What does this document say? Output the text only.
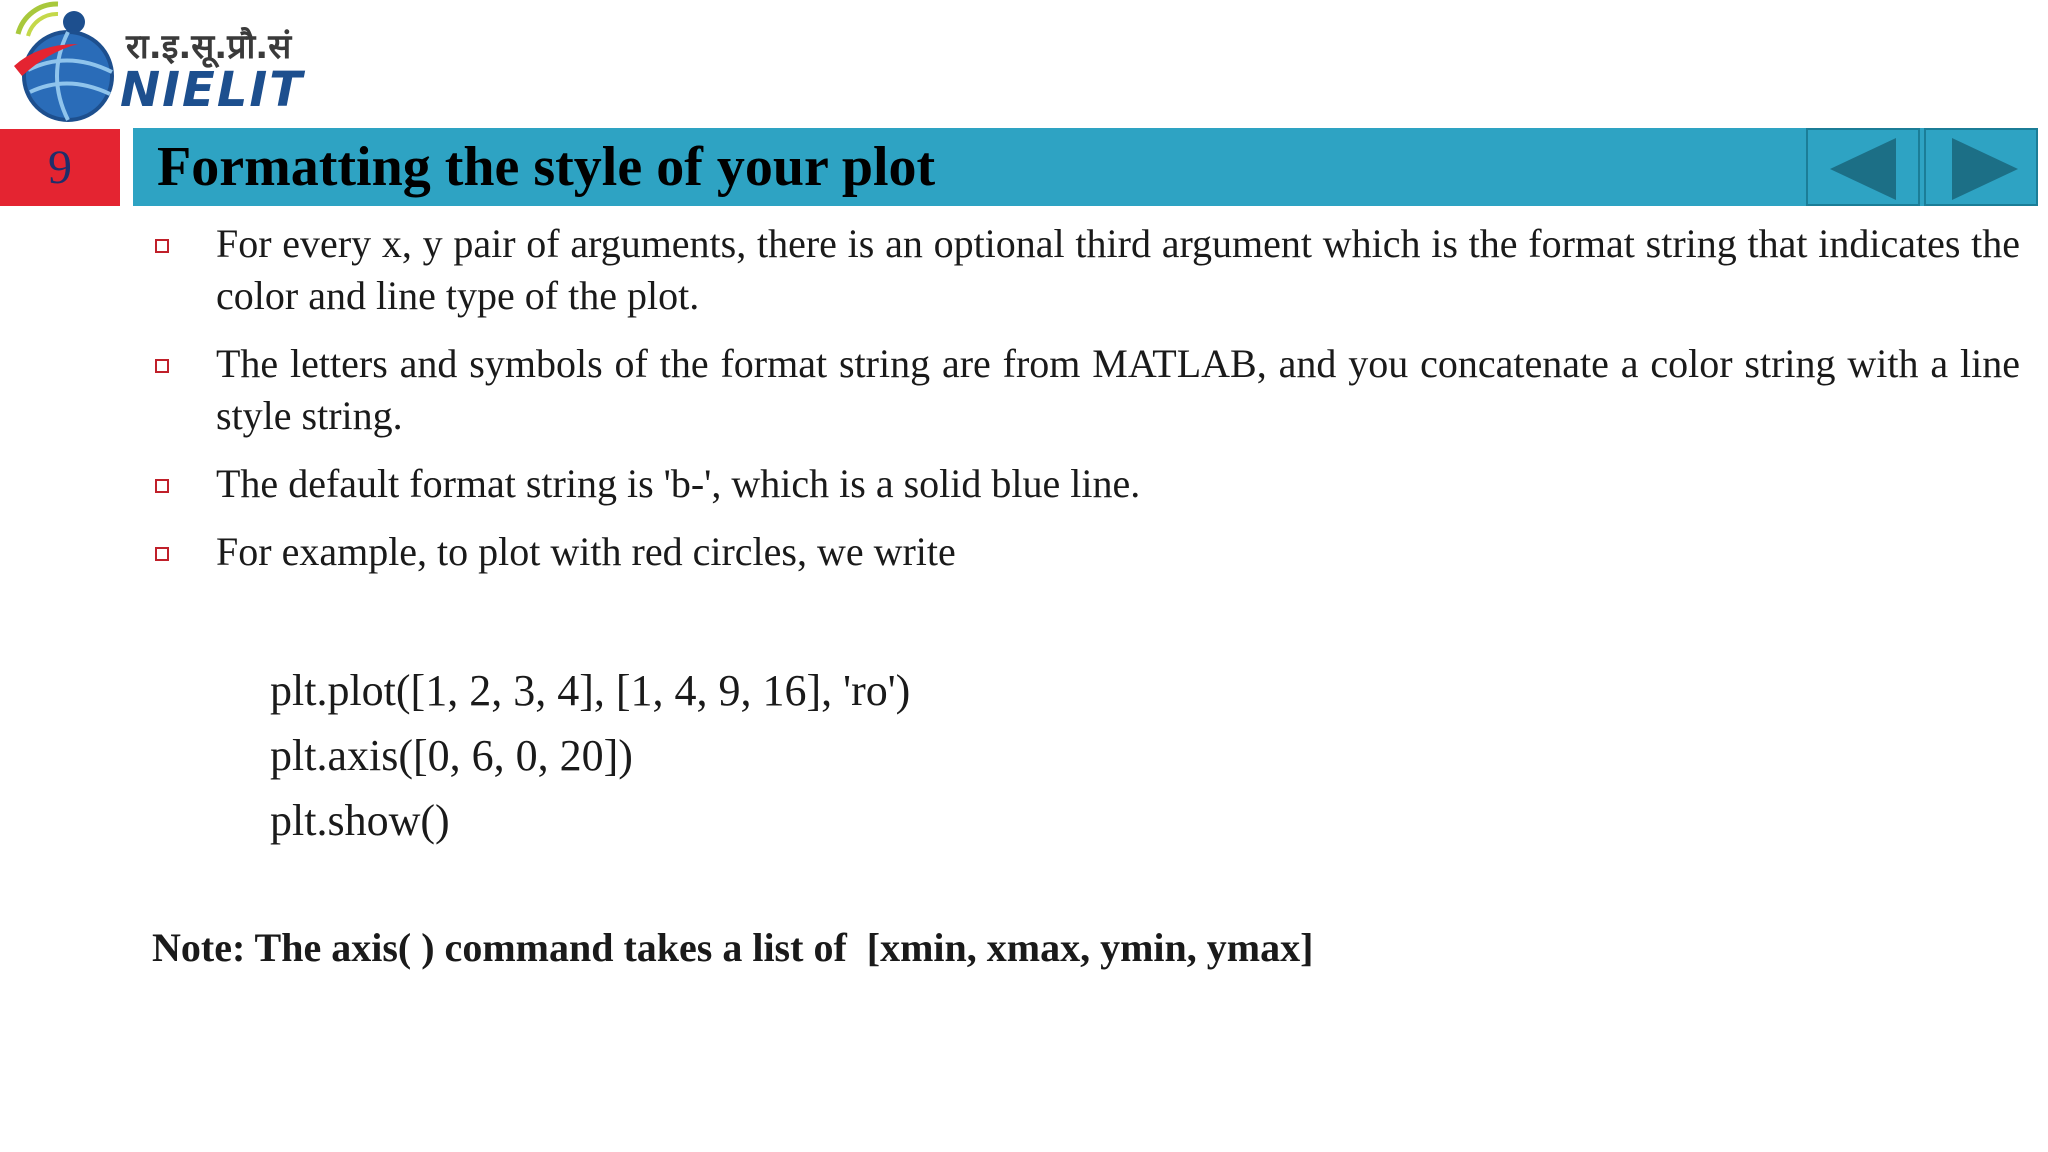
रा.इ.सू.प्रौ.सं
NIELIT
9	Formatting the style of your plot
For every x, y pair of arguments, there is an optional third argument which is the format string that indicates the color and line type of the plot.
The letters and symbols of the format string are from MATLAB, and you concatenate a color string with a line style string.
The default format string is 'b-', which is a solid blue line.
For example, to plot with red circles, we write
plt.plot([1, 2, 3, 4], [1, 4, 9, 16], 'ro')
plt.axis([0, 6, 0, 20])
plt.show()
Note: The axis( ) command takes a list of  [xmin, xmax, ymin, ymax]
